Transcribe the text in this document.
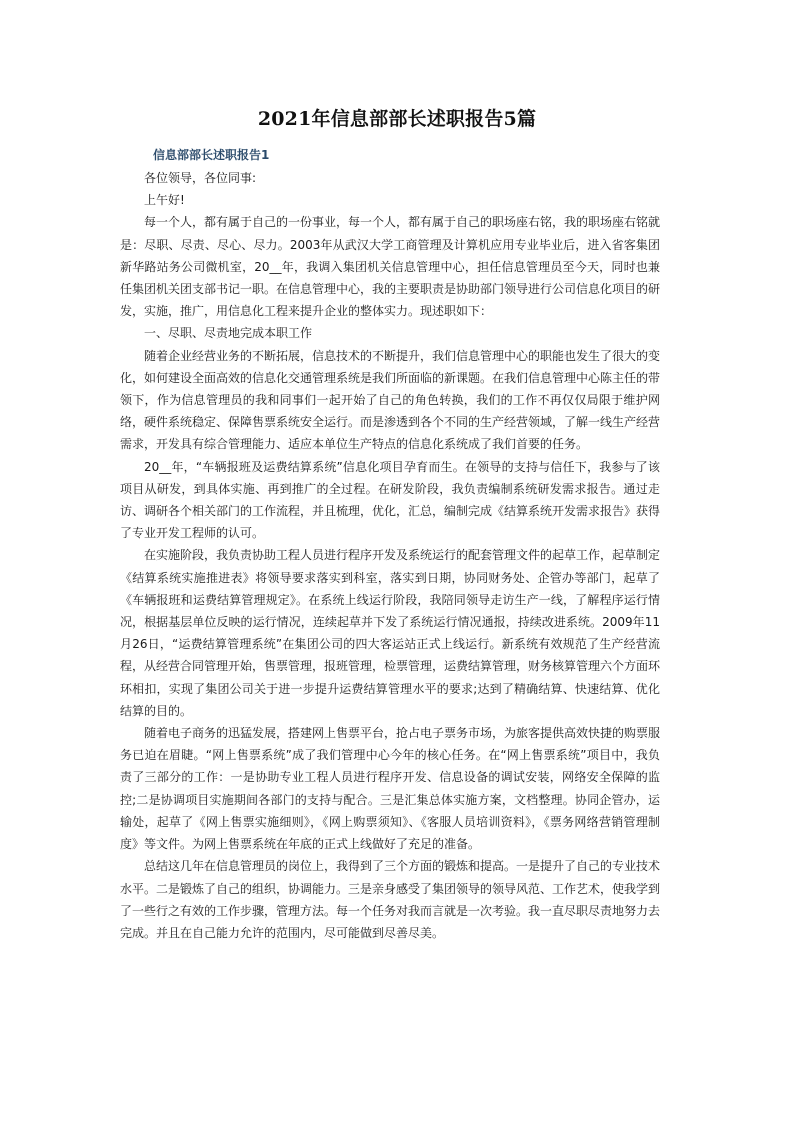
2021年信息部部长述职报告5篇
信息部部长述职报告1

各位领导，各位同事:

上午好!

每一个人，都有属于自己的一份事业，每一个人，都有属于自己的职场座右铭，我的职场座右铭就是：尽职、尽责、尽心、尽力。2003年从武汉大学工商管理及计算机应用专业毕业后，进入省客集团新华路站务公司微机室，20__年，我调入集团机关信息管理中心，担任信息管理员至今天，同时也兼任集团机关团支部书记一职。在信息管理中心，我的主要职责是协助部门领导进行公司信息化项目的研发，实施，推广，用信息化工程来提升企业的整体实力。现述职如下：

一、尽职、尽责地完成本职工作

随着企业经营业务的不断拓展，信息技术的不断提升，我们信息管理中心的职能也发生了很大的变化，如何建设全面高效的信息化交通管理系统是我们所面临的新课题。在我们信息管理中心陈主任的带领下，作为信息管理员的我和同事们一起开始了自己的角色转换，我们的工作不再仅仅局限于维护网络，硬件系统稳定、保障售票系统安全运行。而是渗透到各个不同的生产经营领域，了解一线生产经营需求，开发具有综合管理能力、适应本单位生产特点的信息化系统成了我们首要的任务。

20__年，“车辆报班及运费结算系统”信息化项目孕育而生。在领导的支持与信任下，我参与了该项目从研发，到具体实施、再到推广的全过程。在研发阶段，我负责编制系统研发需求报告。通过走访、调研各个相关部门的工作流程，并且梳理，优化，汇总，编制完成《结算系统开发需求报告》获得了专业开发工程师的认可。

在实施阶段，我负责协助工程人员进行程序开发及系统运行的配套管理文件的起草工作，起草制定《结算系统实施推进表》将领导要求落实到科室，落实到日期，协同财务处、企管办等部门，起草了《车辆报班和运费结算管理规定》。在系统上线运行阶段，我陪同领导走访生产一线，了解程序运行情况，根据基层单位反映的运行情况，连续起草并下发了系统运行情况通报，持续改进系统。2009年11月26日，“运费结算管理系统”在集团公司的四大客运站正式上线运行。新系统有效规范了生产经营流程，从经营合同管理开始，售票管理，报班管理，检票管理，运费结算管理，财务核算管理六个方面环环相扣，实现了集团公司关于进一步提升运费结算管理水平的要求;达到了精确结算、快速结算、优化结算的目的。

随着电子商务的迅猛发展，搭建网上售票平台，抢占电子票务市场，为旅客提供高效快捷的购票服务已迫在眉睫。“网上售票系统”成了我们管理中心今年的核心任务。在“网上售票系统”项目中，我负责了三部分的工作：一是协助专业工程人员进行程序开发、信息设备的调试安装，网络安全保障的监控;二是协调项目实施期间各部门的支持与配合。三是汇集总体实施方案，文档整理。协同企管办，运输处，起草了《网上售票实施细则》，《网上购票须知》、《客服人员培训资料》，《票务网络营销管理制度》等文件。为网上售票系统在年底的正式上线做好了充足的准备。

总结这几年在信息管理员的岗位上，我得到了三个方面的锻炼和提高。一是提升了自己的专业技术水平。二是锻炼了自己的组织，协调能力。三是亲身感受了集团领导的领导风范、工作艺术，使我学到了一些行之有效的工作步骤，管理方法。每一个任务对我而言就是一次考验。我一直尽职尽责地努力去完成。并且在自己能力允许的范围内，尽可能做到尽善尽美。
